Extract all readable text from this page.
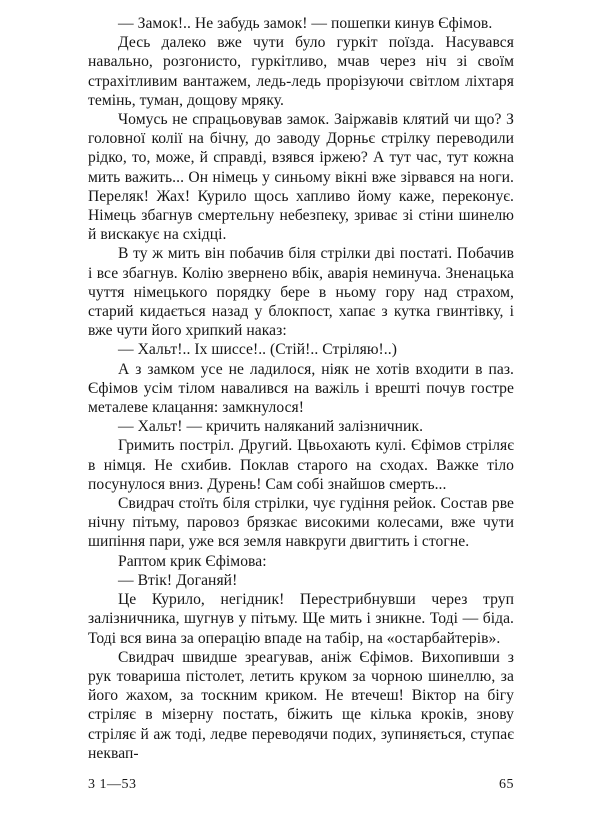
— Замок!.. Не забудь замок! — пошепки кинув Єфімов.

Десь далеко вже чути було гуркіт поїзда. Насувався навально, розгонисто, гуркітливо, мчав через ніч зі своїм страхітливим вантажем, ледь-ледь прорізуючи світлом ліхтаря темінь, туман, дощову мряку.

Чомусь не спрацьовував замок. Заіржавів клятий чи що? З головної колії на бічну, до заводу Дорньє стрілку переводили рідко, то, може, й справді, взявся іржею? А тут час, тут кожна мить важить... Он німець у синьому вікні вже зірвався на ноги. Переляк! Жах! Курило щось хапливо йому каже, переконує. Німець збагнув смертельну небезпеку, зриває зі стіни шинелю й вискакує на східці.

В ту ж мить він побачив біля стрілки дві постаті. Побачив і все збагнув. Колію звернено вбік, аварія неминуча. Зненацька чуття німецького порядку бере в ньому гору над страхом, старий кидається назад у блокпост, хапає з кутка гвинтівку, і вже чути його хрипкий наказ:

— Хальт!.. Іх шиссе!.. (Стій!.. Стріляю!..)

А з замком усе не ладилося, ніяк не хотів входити в паз. Єфімов усім тілом навалився на важіль і врешті почув гостре металеве клацання: замкнулося!

— Хальт! — кричить наляканий залізничник.

Гримить постріл. Другий. Цвьохають кулі. Єфімов стріляє в німця. Не схибив. Поклав старого на сходах. Важке тіло посунулося вниз. Дурень! Сам собі знайшов смерть...

Свидрач стоїть біля стрілки, чує гудіння рейок. Состав рве нічну пітьму, паровоз брязкає високими колесами, вже чути шипіння пари, уже вся земля навкруги двигтить і стогне.

Раптом крик Єфімова:

— Втік! Доганяй!

Це Курило, негідник! Перестрибнувши через труп залізничника, шугнув у пітьму. Ще мить і зникне. Тоді — біда. Тоді вся вина за операцію впаде на табір, на «остарбайтерів».

Свидрач швидше зреагував, аніж Єфімов. Вихопивши з рук товариша пістолет, летить круком за чорною шинеллю, за його жахом, за тоскним криком. Не втечеш! Віктор на бігу стріляє в мізерну постать, біжить ще кілька кроків, знову стріляє й аж тоді, ледве переводячи подих, зупиняється, ступає неквап-

3 1—53	65
